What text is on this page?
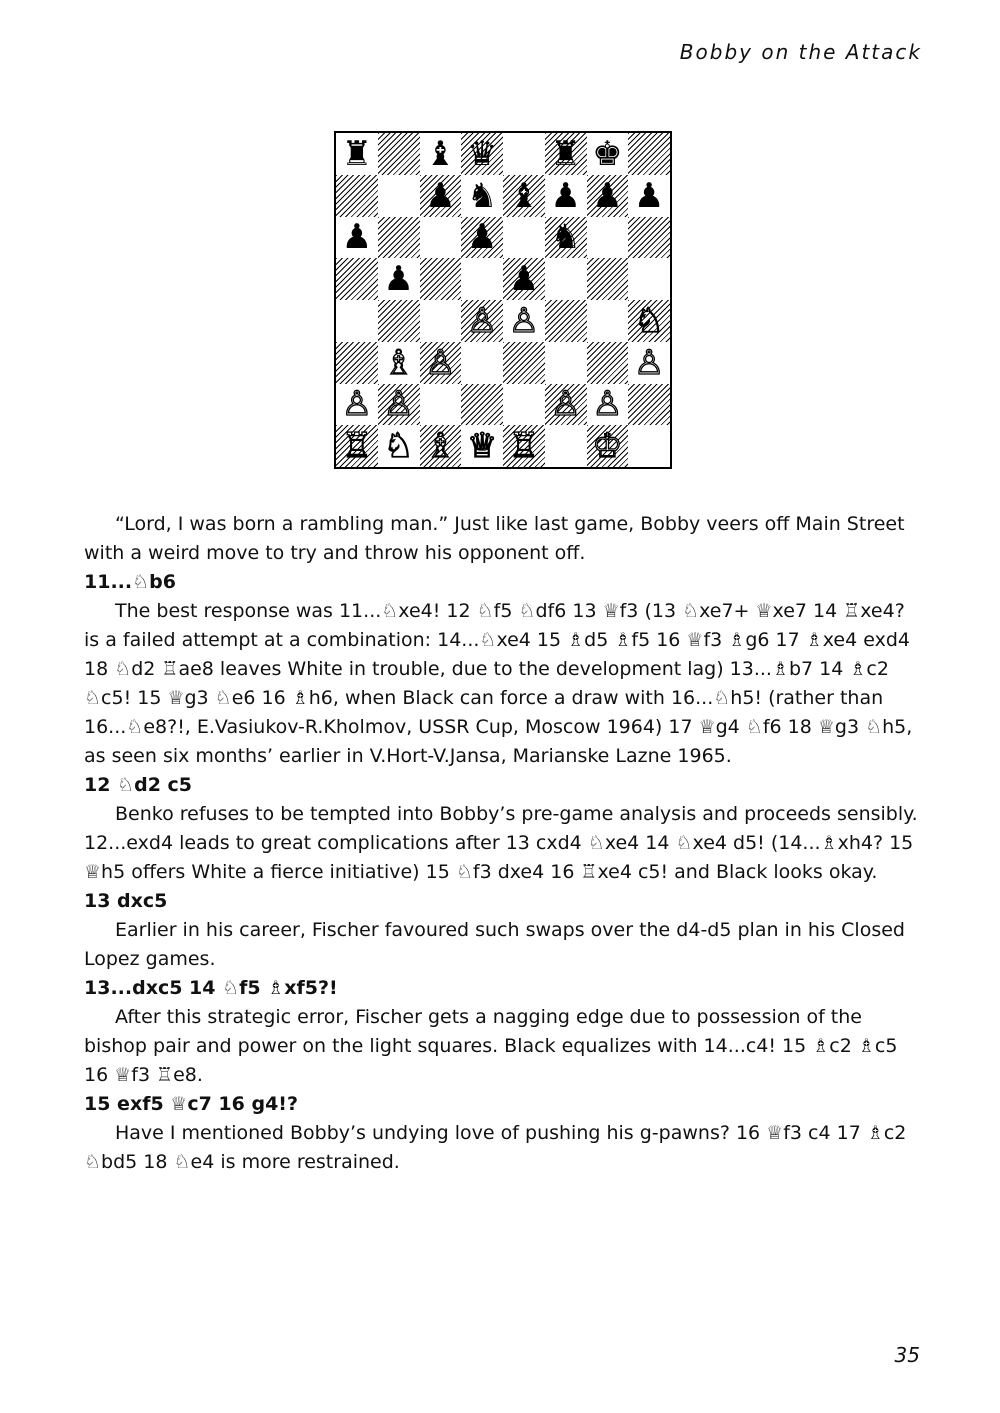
Bobby on the Attack
♜ ♝ ♛ ♜ ♚
♟ ♞ ♝ ♟ ♟ ♟
♟	♟ ♞
♟	♟
♙ ♙	♘
♗ ♙	♙
♙ ♙	♙ ♙
♖ ♘ ♗ ♕ ♖ ♔

“Lord, I was born a rambling man.” Just like last game, Bobby veers off Main Street with a weird move to try and throw his opponent off.

11...♘b6

The best response was 11...♘xe4! 12 ♘f5 ♘df6 13 ♕f3 (13 ♘xe7+ ♕xe7 14 ♖xe4? is a failed attempt at a combination: 14...♘xe4 15 ♗d5 ♗f5 16 ♕f3 ♗g6 17 ♗xe4 exd4 18 ♘d2 ♖ae8 leaves White in trouble, due to the development lag) 13...♗b7 14 ♗c2 ♘c5! 15 ♕g3 ♘e6 16 ♗h6, when Black can force a draw with 16...♘h5! (rather than 16...♘e8?!, E.Vasiukov-R.Kholmov, USSR Cup, Moscow 1964) 17 ♕g4 ♘f6 18 ♕g3 ♘h5, as seen six months’ earlier in V.Hort-V.Jansa, Marianske Lazne 1965.

12 ♘d2 c5

Benko refuses to be tempted into Bobby’s pre-game analysis and proceeds sensibly. 12...exd4 leads to great complications after 13 cxd4 ♘xe4 14 ♘xe4 d5! (14...♗xh4? 15 ♕h5 offers White a fierce initiative) 15 ♘f3 dxe4 16 ♖xe4 c5! and Black looks okay.

13 dxc5

Earlier in his career, Fischer favoured such swaps over the d4-d5 plan in his Closed Lopez games.

13...dxc5 14 ♘f5 ♗xf5?!

After this strategic error, Fischer gets a nagging edge due to possession of the bishop pair and power on the light squares. Black equalizes with 14...c4! 15 ♗c2 ♗c5 16 ♕f3 ♖e8.

15 exf5 ♕c7 16 g4!?

Have I mentioned Bobby’s undying love of pushing his g-pawns? 16 ♕f3 c4 17 ♗c2 ♘bd5 18 ♘e4 is more restrained.

35
